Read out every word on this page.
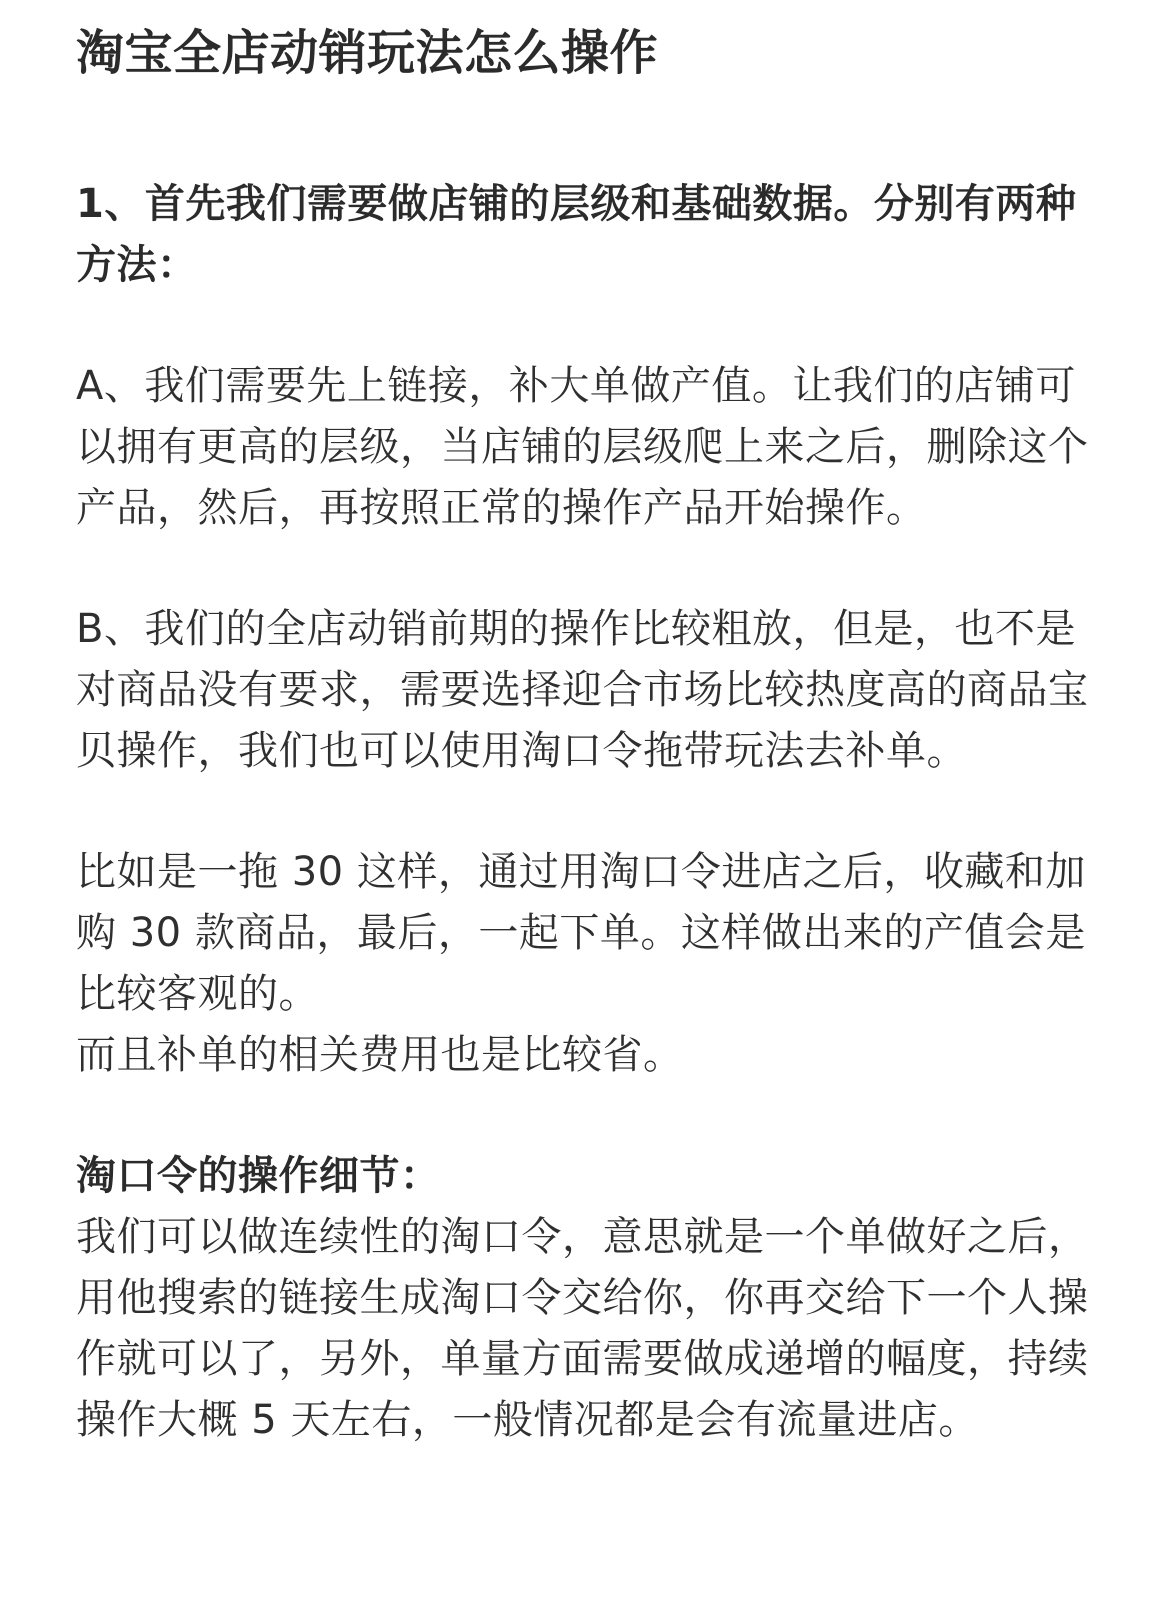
淘宝全店动销玩法怎么操作

1、首先我们需要做店铺的层级和基础数据。分别有两种方法：

A、我们需要先上链接，补大单做产值。让我们的店铺可以拥有更高的层级，当店铺的层级爬上来之后，删除这个产品，然后，再按照正常的操作产品开始操作。

B、我们的全店动销前期的操作比较粗放，但是，也不是对商品没有要求，需要选择迎合市场比较热度高的商品宝贝操作，我们也可以使用淘口令拖带玩法去补单。

比如是一拖 30 这样，通过用淘口令进店之后，收藏和加购 30 款商品，最后，一起下单。这样做出来的产值会是比较客观的。

而且补单的相关费用也是比较省。

淘口令的操作细节：

我们可以做连续性的淘口令，意思就是一个单做好之后，用他搜索的链接生成淘口令交给你，你再交给下一个人操作就可以了，另外，单量方面需要做成递增的幅度，持续操作大概 5 天左右，一般情况都是会有流量进店。
